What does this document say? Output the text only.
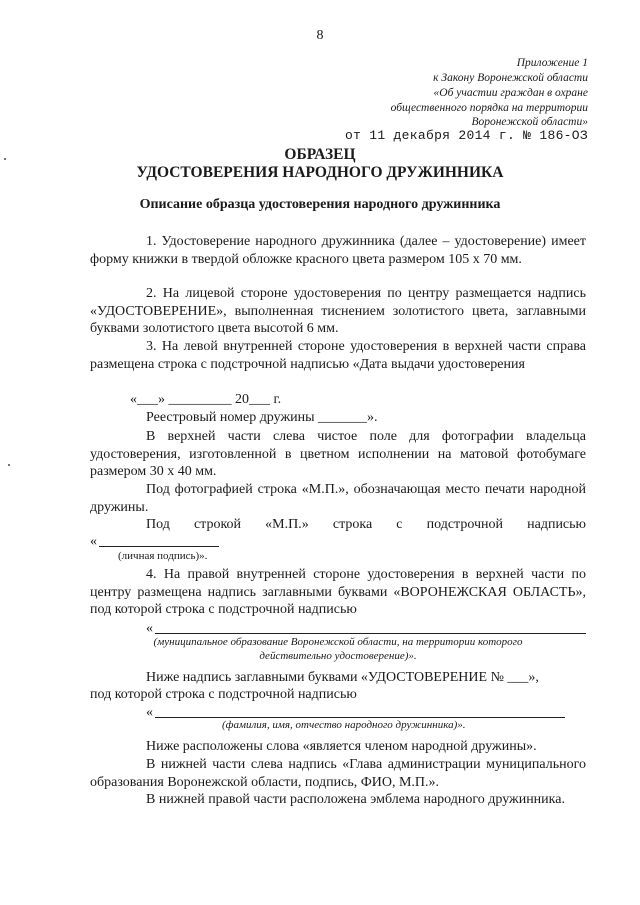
8
Приложение 1
к Закону Воронежской области
«Об участии граждан в охране
общественного порядка на территории
Воронежской области»
от 11 декабря 2014 г. № 186-ОЗ
ОБРАЗЕЦ
УДОСТОВЕРЕНИЯ НАРОДНОГО ДРУЖИННИКА
Описание образца удостоверения народного дружинника
1. Удостоверение народного дружинника (далее – удостоверение) имеет форму книжки в твердой обложке красного цвета размером 105 х 70 мм.
2. На лицевой стороне удостоверения по центру размещается надпись «УДОСТОВЕРЕНИЕ», выполненная тиснением золотистого цвета, заглавными буквами золотистого цвета высотой 6 мм.
3. На левой внутренней стороне удостоверения в верхней части справа размещена строка с подстрочной надписью «Дата выдачи удостоверения
«___» _________ 20___ г.
Реестровый номер дружины _______».
В верхней части слева чистое поле для фотографии владельца удостоверения, изготовленной в цветном исполнении на матовой фотобумаге размером 30 х 40 мм.
Под фотографией строка «М.П.», обозначающая место печати народной дружины.
Под строкой «М.П.» строка с подстрочной надписью
«
(личная подпись)».
4. На правой внутренней стороне удостоверения в верхней части по центру размещена надпись заглавными буквами «ВОРОНЕЖСКАЯ ОБЛАСТЬ», под которой строка с подстрочной надписью
«
(муниципальное образование Воронежской области, на территории которого
действительно удостоверение)».
Ниже надпись заглавными буквами «УДОСТОВЕРЕНИЕ № ___»,
под которой строка с подстрочной надписью
«
(фамилия, имя, отчество народного дружинника)».
Ниже расположены слова «является членом народной дружины».
В нижней части слева надпись «Глава администрации муниципального образования Воронежской области, подпись, ФИО, М.П.».
В нижней правой части расположена эмблема народного дружинника.
